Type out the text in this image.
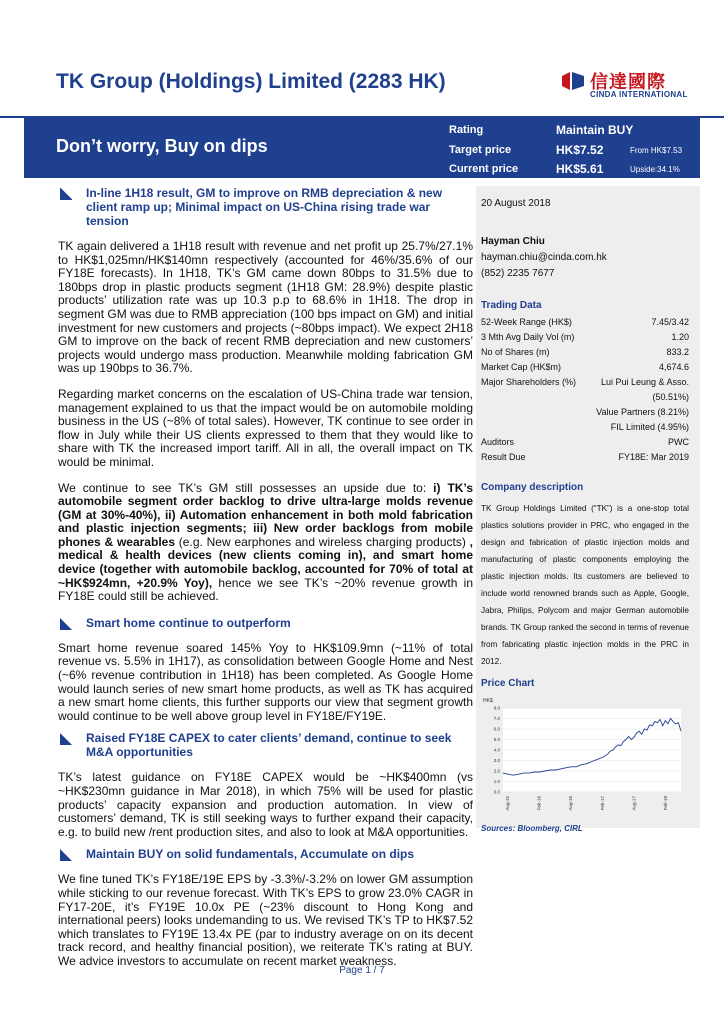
TK Group (Holdings) Limited (2283 HK)	信達國際
CINDA INTERNATIONAL
Don’t worry, Buy on dips
Rating	Maintain BUY
Target price	HK$7.52	From HK$7.53
Current price	HK$5.61	Upside:34.1%
In-line 1H18 result, GM to improve on RMB depreciation & new client ramp up; Minimal impact on US-China rising trade war tension

TK again delivered a 1H18 result with revenue and net profit up 25.7%/27.1% to HK$1,025mn/HK$140mn respectively (accounted for 46%/35.6% of our FY18E forecasts). In 1H18, TK’s GM came down 80bps to 31.5% due to 180bps drop in plastic products segment (1H18 GM: 28.9%) despite plastic products’ utilization rate was up 10.3 p.p to 68.6% in 1H18. The drop in segment GM was due to RMB appreciation (100 bps impact on GM) and initial investment for new customers and projects (~80bps impact). We expect 2H18 GM to improve on the back of recent RMB depreciation and new customers’ projects would undergo mass production. Meanwhile molding fabrication GM was up 190bps to 36.7%.

Regarding market concerns on the escalation of US-China trade war tension, management explained to us that the impact would be on automobile molding business in the US (~8% of total sales). However, TK continue to see order in flow in July while their US clients expressed to them that they would like to share with TK the increased import tariff. All in all, the overall impact on TK would be minimal.

We continue to see TK’s GM still possesses an upside due to: i) TK’s automobile segment order backlog to drive ultra-large molds revenue (GM at 30%-40%), ii) Automation enhancement in both mold fabrication and plastic injection segments; iii) New order backlogs from mobile phones & wearables (e.g. New earphones and wireless charging products) , medical & health devices (new clients coming in), and smart home device (together with automobile backlog, accounted for 70% of total at ~HK$924mn, +20.9% Yoy), hence we see TK’s ~20% revenue growth in FY18E could still be achieved.

Smart home continue to outperform

Smart home revenue soared 145% Yoy to HK$109.9mn (~11% of total revenue vs. 5.5% in 1H17), as consolidation between Google Home and Nest (~6% revenue contribution in 1H18) has been completed. As Google Home would launch series of new smart home products, as well as TK has acquired a new smart home clients, this further supports our view that segment growth would continue to be well above group level in FY18E/FY19E.

Raised FY18E CAPEX to cater clients’ demand, continue to seek M&A opportunities

TK’s latest guidance on FY18E CAPEX would be ~HK$400mn (vs ~HK$230mn guidance in Mar 2018), in which 75% will be used for plastic products’ capacity expansion and production automation. In view of customers’ demand, TK is still seeking ways to further expand their capacity, e.g. to build new /rent production sites, and also to look at M&A opportunities.

Maintain BUY on solid fundamentals, Accumulate on dips

We fine tuned TK’s FY18E/19E EPS by -3.3%/-3.2% on lower GM assumption while sticking to our revenue forecast. With TK’s EPS to grow 23.0% CAGR in FY17-20E, it’s FY19E 10.0x PE (~23% discount to Hong Kong and international peers) looks undemanding to us. We revised TK’s TP to HK$7.52 which translates to FY19E 13.4x PE (par to industry average on on its decent track record, and healthy financial position), we reiterate TK’s rating at BUY. We advice investors to accumulate on recent market weakness.

20 August 2018
Hayman Chiu
hayman.chiu@cinda.com.hk
(852) 2235 7677
Trading Data
52-Week Range (HK$)	7.45/3.42
3 Mth Avg Daily Vol (m)	1.20
No of Shares (m)	833.2
Market Cap (HK$m)	4,674.6
Major Shareholders (%)	Lui Pui Leung & Asso.
(50.51%)
Value Partners (8.21%)
FIL Limited (4.95%)
Auditors	PWC
Result Due	FY18E: Mar 2019
Company description
TK Group Holdings Limited (“TK”) is a one-stop total plastics solutions provider in PRC, who engaged in the design and fabrication of plastic injection molds and manufacturing of plastic components employing the plastic injection molds. Its customers are believed to include world renowned brands such as Apple, Google, Jabra, Philips, Polycom and major German automobile brands. TK Group ranked the second in terms of revenue from fabricating plastic injection molds in the PRC in 2012.
Price Chart
HK$
8.0
7.0
6.0
5.0
4.0
3.0
2.0
1.0
0.0
Aug-15	Feb-16	Aug-16	Feb-17	Aug-17	Feb-18
Sources: Bloomberg, CIRL
Page 1 / 7
